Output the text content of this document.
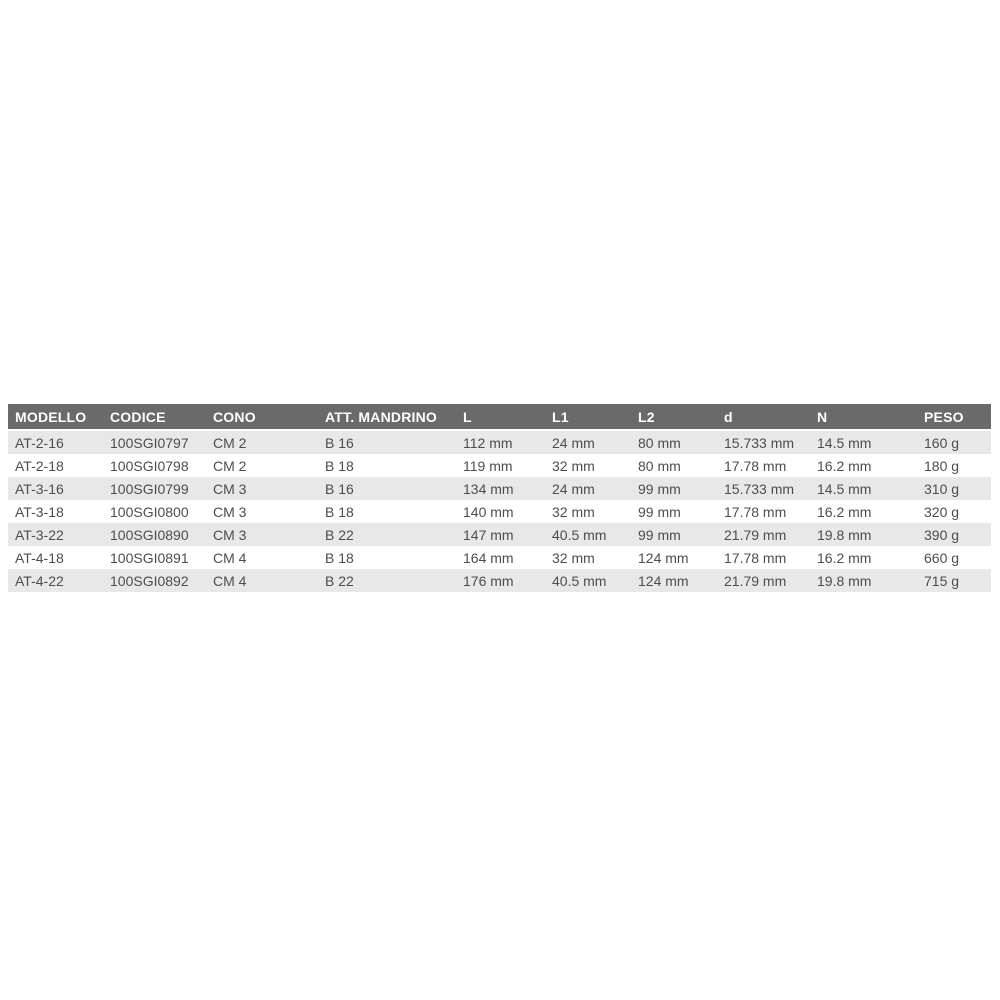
MODELLO	CODICE	CONO	ATT. MANDRINO	L	L1	L2	d	N	PESO
AT-2-16	100SGI0797	CM 2	B 16	112 mm	24 mm	80 mm	15.733 mm	14.5 mm	160 g
AT-2-18	100SGI0798	CM 2	B 18	119 mm	32 mm	80 mm	17.78 mm	16.2 mm	180 g
AT-3-16	100SGI0799	CM 3	B 16	134 mm	24 mm	99 mm	15.733 mm	14.5 mm	310 g
AT-3-18	100SGI0800	CM 3	B 18	140 mm	32 mm	99 mm	17.78 mm	16.2 mm	320 g
AT-3-22	100SGI0890	CM 3	B 22	147 mm	40.5 mm	99 mm	21.79 mm	19.8 mm	390 g
AT-4-18	100SGI0891	CM 4	B 18	164 mm	32 mm	124 mm	17.78 mm	16.2 mm	660 g
AT-4-22	100SGI0892	CM 4	B 22	176 mm	40.5 mm	124 mm	21.79 mm	19.8 mm	715 g
